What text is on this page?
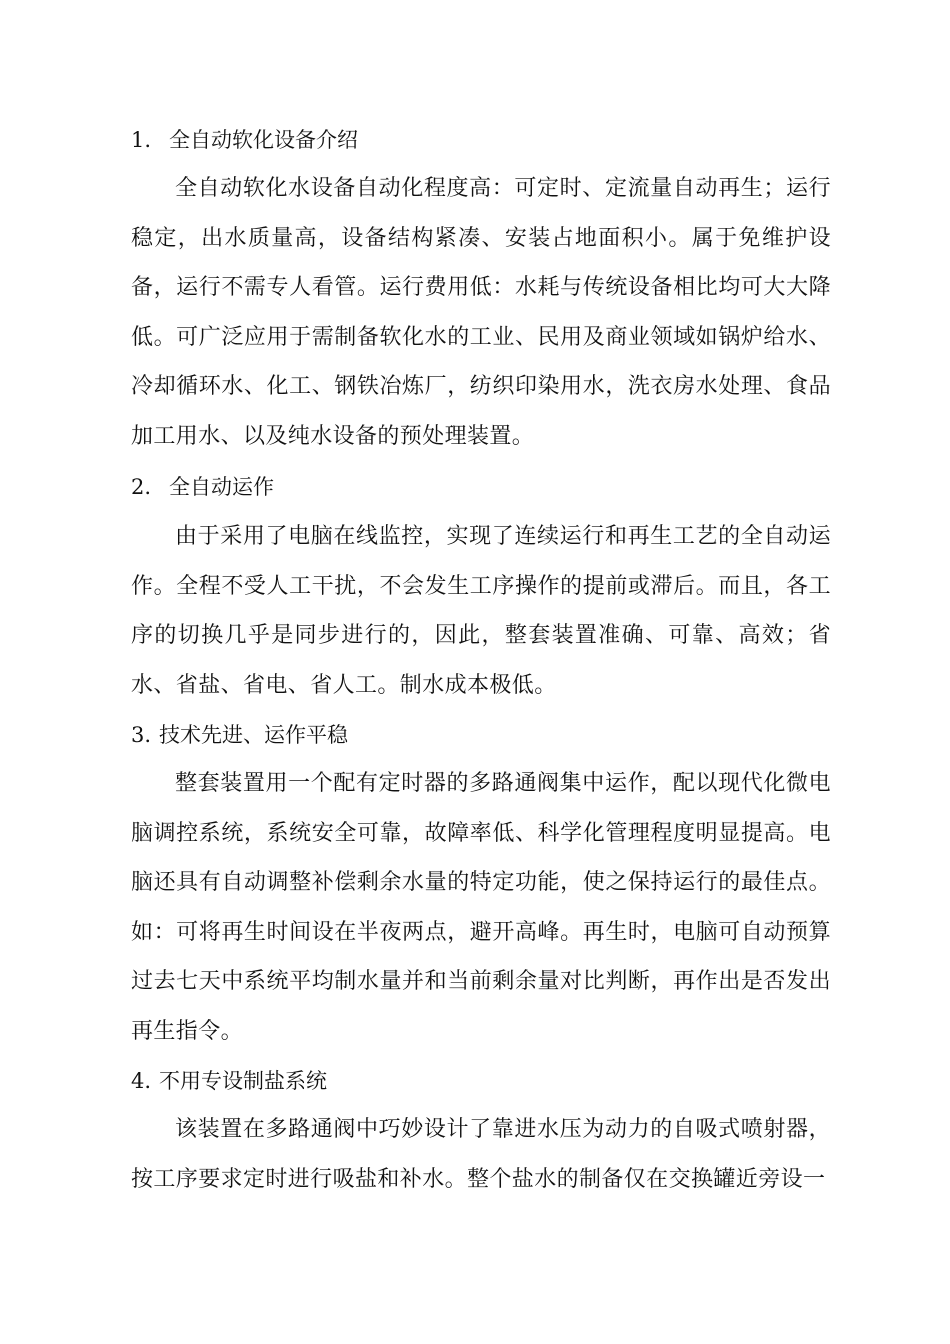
1. 全自动软化设备介绍

全自动软化水设备自动化程度高：可定时、定流量自动再生；运行稳定，出水质量高，设备结构紧凑、安装占地面积小。属于免维护设备，运行不需专人看管。运行费用低：水耗与传统设备相比均可大大降低。可广泛应用于需制备软化水的工业、民用及商业领域如锅炉给水、冷却循环水、化工、钢铁冶炼厂，纺织印染用水，洗衣房水处理、食品加工用水、以及纯水设备的预处理装置。

2. 全自动运作

由于采用了电脑在线监控，实现了连续运行和再生工艺的全自动运作。全程不受人工干扰，不会发生工序操作的提前或滞后。而且，各工序的切换几乎是同步进行的，因此，整套装置准确、可靠、高效；省水、省盐、省电、省人工。制水成本极低。

3. 技术先进、运作平稳

整套装置用一个配有定时器的多路通阀集中运作，配以现代化微电脑调控系统，系统安全可靠，故障率低、科学化管理程度明显提高。电脑还具有自动调整补偿剩余水量的特定功能，使之保持运行的最佳点。如：可将再生时间设在半夜两点，避开高峰。再生时，电脑可自动预算过去七天中系统平均制水量并和当前剩余量对比判断，再作出是否发出再生指令。

4. 不用专设制盐系统

该装置在多路通阀中巧妙设计了靠进水压为动力的自吸式喷射器，按工序要求定时进行吸盐和补水。整个盐水的制备仅在交换罐近旁设一
